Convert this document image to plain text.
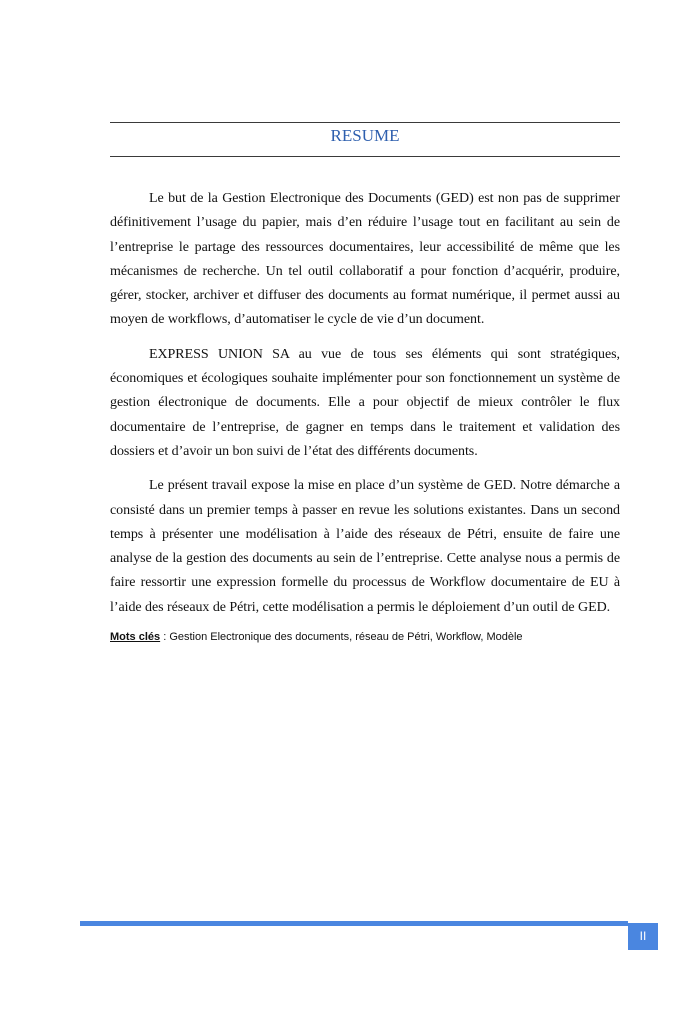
RESUME

Le but de la Gestion Electronique des Documents (GED) est non pas de supprimer définitivement l’usage du papier, mais d’en réduire l’usage tout en facilitant au sein de l’entreprise le partage des ressources documentaires, leur accessibilité de même que les mécanismes de recherche. Un tel outil collaboratif a pour fonction d’acquérir, produire, gérer, stocker, archiver et diffuser des documents au format numérique, il permet aussi au moyen de workflows, d’automatiser le cycle de vie d’un document.

EXPRESS UNION SA au vue de tous ses éléments qui sont stratégiques, économiques et écologiques souhaite implémenter pour son fonctionnement un système de gestion électronique de documents. Elle a pour objectif de mieux contrôler le flux documentaire de l’entreprise, de gagner en temps dans le traitement et validation des dossiers et d’avoir un bon suivi de l’état des différents documents.

Le présent travail expose la mise en place d’un système de GED. Notre démarche a consisté dans un premier temps à passer en revue les solutions existantes. Dans un second temps à présenter une modélisation à l’aide des réseaux de Pétri, ensuite de faire une analyse de la gestion des documents au sein de l’entreprise. Cette analyse nous a permis de faire ressortir une expression formelle du processus de Workflow documentaire de EU à l’aide des réseaux de Pétri, cette modélisation a permis le déploiement d’un outil de GED.

Mots clés : Gestion Electronique des documents, réseau de Pétri, Workflow, Modèle

II
